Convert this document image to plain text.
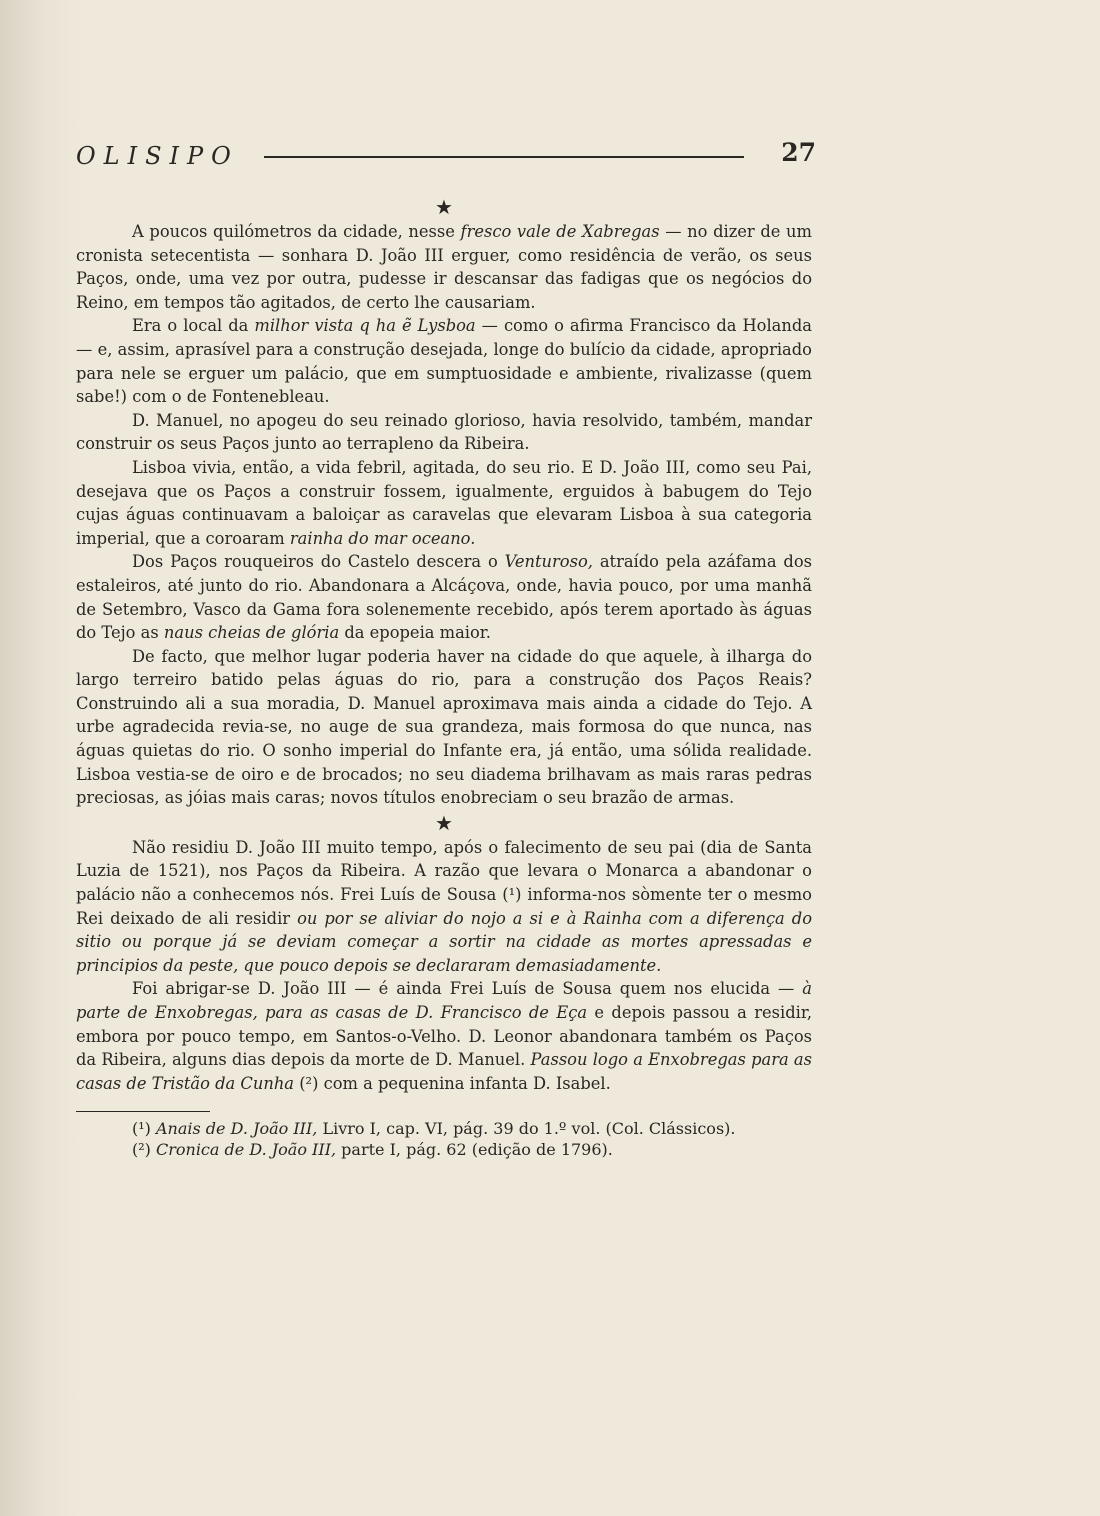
OLISIPO	27

★

A poucos quilómetros da cidade, nesse fresco vale de Xabregas — no dizer de um cronista setecentista — sonhara D. João III erguer, como residência de verão, os seus Paços, onde, uma vez por outra, pudesse ir descansar das fadigas que os negócios do Reino, em tempos tão agitados, de certo lhe causariam.

Era o local da milhor vista q ha ẽ Lysboa — como o afirma Francisco da Holanda — e, assim, aprasível para a construção desejada, longe do bulício da cidade, apropriado para nele se erguer um palácio, que em sumptuosidade e ambiente, rivalizasse (quem sabe!) com o de Fontenebleau.

D. Manuel, no apogeu do seu reinado glorioso, havia resolvido, também, mandar construir os seus Paços junto ao terrapleno da Ribeira.

Lisboa vivia, então, a vida febril, agitada, do seu rio. E D. João III, como seu Pai, desejava que os Paços a construir fossem, igualmente, erguidos à babugem do Tejo cujas águas continuavam a baloiçar as caravelas que elevaram Lisboa à sua categoria imperial, que a coroaram rainha do mar oceano.

Dos Paços rouqueiros do Castelo descera o Venturoso, atraído pela azáfama dos estaleiros, até junto do rio. Abandonara a Alcáçova, onde, havia pouco, por uma manhã de Setembro, Vasco da Gama fora solenemente recebido, após terem aportado às águas do Tejo as naus cheias de glória da epopeia maior.

De facto, que melhor lugar poderia haver na cidade do que aquele, à ilharga do largo terreiro batido pelas águas do rio, para a construção dos Paços Reais? Construindo ali a sua moradia, D. Manuel aproximava mais ainda a cidade do Tejo. A urbe agradecida revia-se, no auge de sua grandeza, mais formosa do que nunca, nas águas quietas do rio. O sonho imperial do Infante era, já então, uma sólida realidade. Lisboa vestia-se de oiro e de brocados; no seu diadema brilhavam as mais raras pedras preciosas, as jóias mais caras; novos títulos enobreciam o seu brazão de armas.

★

Não residiu D. João III muito tempo, após o falecimento de seu pai (dia de Santa Luzia de 1521), nos Paços da Ribeira. A razão que levara o Monarca a abandonar o palácio não a conhecemos nós. Frei Luís de Sousa (¹) informa-nos sòmente ter o mesmo Rei deixado de ali residir ou por se aliviar do nojo a si e à Rainha com a diferença do sitio ou porque já se deviam começar a sortir na cidade as mortes apressadas e principios da peste, que pouco depois se declararam demasiadamente.

Foi abrigar-se D. João III — é ainda Frei Luís de Sousa quem nos elucida — à parte de Enxobregas, para as casas de D. Francisco de Eça e depois passou a residir, embora por pouco tempo, em Santos-o-Velho. D. Leonor abandonara também os Paços da Ribeira, alguns dias depois da morte de D. Manuel. Passou logo a Enxobregas para as casas de Tristão da Cunha (²) com a pequenina infanta D. Isabel.

(¹) Anais de D. João III, Livro I, cap. VI, pág. 39 do 1.º vol. (Col. Clássicos).

(²) Cronica de D. João III, parte I, pág. 62 (edição de 1796).
